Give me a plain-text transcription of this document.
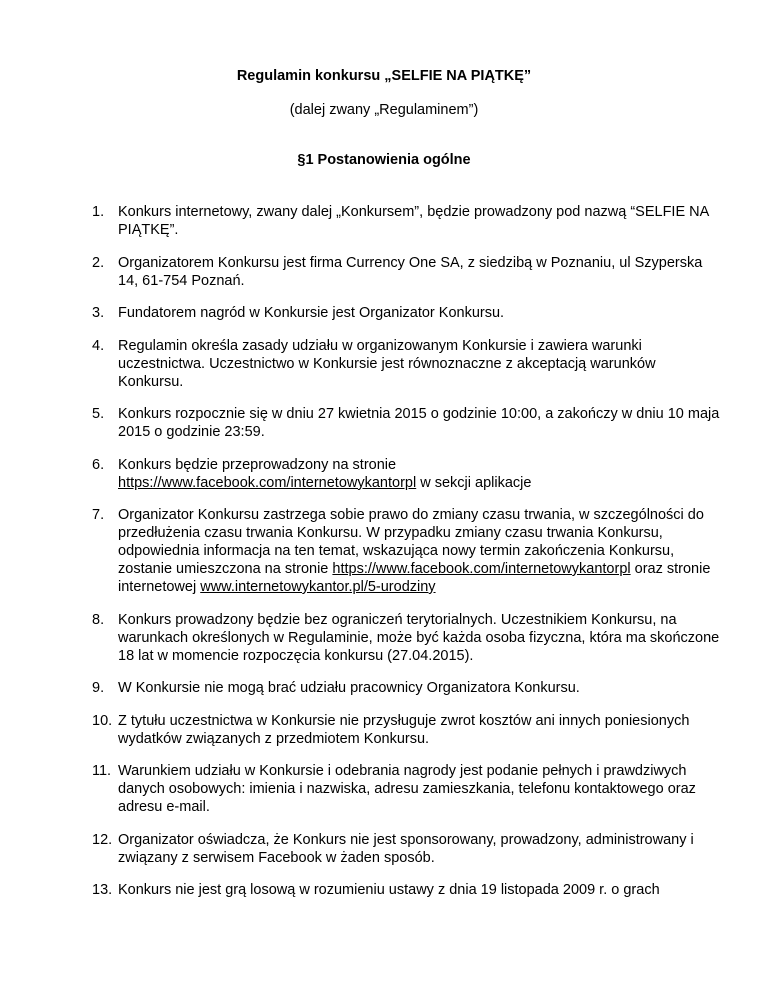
Regulamin konkursu „SELFIE NA PIĄTKĘ”
(dalej zwany „Regulaminem”)
§1 Postanowienia ogólne
1. Konkurs internetowy, zwany dalej „Konkursem”, będzie prowadzony pod nazwą “SELFIE NA PIĄTKĘ”.
2. Organizatorem Konkursu jest firma Currency One SA, z siedzibą w Poznaniu, ul Szyperska 14, 61-754 Poznań.
3. Fundatorem nagród w Konkursie jest Organizator Konkursu.
4. Regulamin określa zasady udziału w organizowanym Konkursie i zawiera warunki uczestnictwa. Uczestnictwo w Konkursie jest równoznaczne z akceptacją warunków Konkursu.
5. Konkurs rozpocznie się w dniu 27 kwietnia 2015 o godzinie 10:00, a zakończy w dniu 10 maja 2015 o godzinie 23:59.
6. Konkurs będzie przeprowadzony na stronie
https://www.facebook.com/internetowykantorpl w sekcji aplikacje
7. Organizator Konkursu zastrzega sobie prawo do zmiany czasu trwania, w szczególności do przedłużenia czasu trwania Konkursu. W przypadku zmiany czasu trwania Konkursu, odpowiednia informacja na ten temat, wskazująca nowy termin zakończenia Konkursu, zostanie umieszczona na stronie https://www.facebook.com/internetowykantorpl oraz stronie internetowej www.internetowykantor.pl/5-urodziny
8. Konkurs prowadzony będzie bez ograniczeń terytorialnych. Uczestnikiem Konkursu, na warunkach określonych w Regulaminie, może być każda osoba fizyczna, która ma skończone 18 lat w momencie rozpoczęcia konkursu (27.04.2015).
9. W Konkursie nie mogą brać udziału pracownicy Organizatora Konkursu.
10. Z tytułu uczestnictwa w Konkursie nie przysługuje zwrot kosztów ani innych poniesionych wydatków związanych z przedmiotem Konkursu.
11. Warunkiem udziału w Konkursie i odebrania nagrody jest podanie pełnych i prawdziwych danych osobowych: imienia i nazwiska, adresu zamieszkania, telefonu kontaktowego oraz adresu e-mail.
12. Organizator oświadcza, że Konkurs nie jest sponsorowany, prowadzony, administrowany i związany z serwisem Facebook w żaden sposób.
13. Konkurs nie jest grą losową w rozumieniu ustawy z dnia 19 listopada 2009 r. o grach
